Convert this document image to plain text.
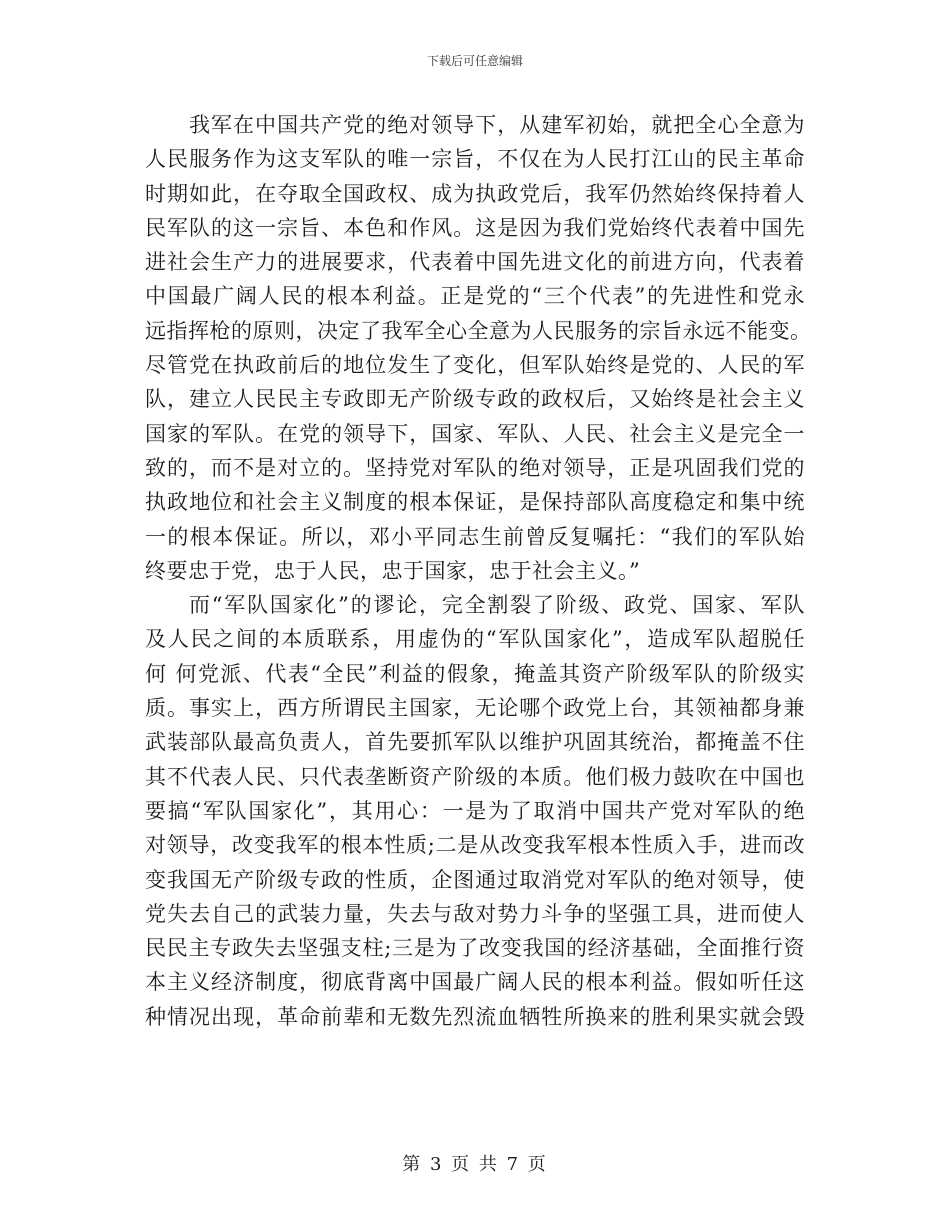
下载后可任意编辑
我军在中国共产党的绝对领导下，从建军初始，就把全心全意为
人民服务作为这支军队的唯一宗旨，不仅在为人民打江山的民主革命
时期如此，在夺取全国政权、成为执政党后，我军仍然始终保持着人
民军队的这一宗旨、本色和作风。这是因为我们党始终代表着中国先
进社会生产力的进展要求，代表着中国先进文化的前进方向，代表着
中国最广阔人民的根本利益。正是党的“三个代表”的先进性和党永
远指挥枪的原则，决定了我军全心全意为人民服务的宗旨永远不能变。
尽管党在执政前后的地位发生了变化，但军队始终是党的、人民的军
队，建立人民民主专政即无产阶级专政的政权后，又始终是社会主义
国家的军队。在党的领导下，国家、军队、人民、社会主义是完全一
致的，而不是对立的。坚持党对军队的绝对领导，正是巩固我们党的
执政地位和社会主义制度的根本保证，是保持部队高度稳定和集中统
一的根本保证。所以，邓小平同志生前曾反复嘱托：“我们的军队始
终要忠于党，忠于人民，忠于国家，忠于社会主义。”
而“军队国家化”的谬论，完全割裂了阶级、政党、国家、军队
及人民之间的本质联系，用虚伪的“军队国家化”，造成军队超脱任
何 何党派、代表“全民”利益的假象，掩盖其资产阶级军队的阶级实
质。事实上，西方所谓民主国家，无论哪个政党上台，其领袖都身兼
武装部队最高负责人，首先要抓军队以维护巩固其统治，都掩盖不住
其不代表人民、只代表垄断资产阶级的本质。他们极力鼓吹在中国也
要搞“军队国家化”，其用心：一是为了取消中国共产党对军队的绝
对领导，改变我军的根本性质;二是从改变我军根本性质入手，进而改
变我国无产阶级专政的性质，企图通过取消党对军队的绝对领导，使
党失去自己的武装力量，失去与敌对势力斗争的坚强工具，进而使人
民民主专政失去坚强支柱;三是为了改变我国的经济基础，全面推行资
本主义经济制度，彻底背离中国最广阔人民的根本利益。假如听任这
种情况出现，革命前辈和无数先烈流血牺牲所换来的胜利果实就会毁
第 3 页 共 7 页
